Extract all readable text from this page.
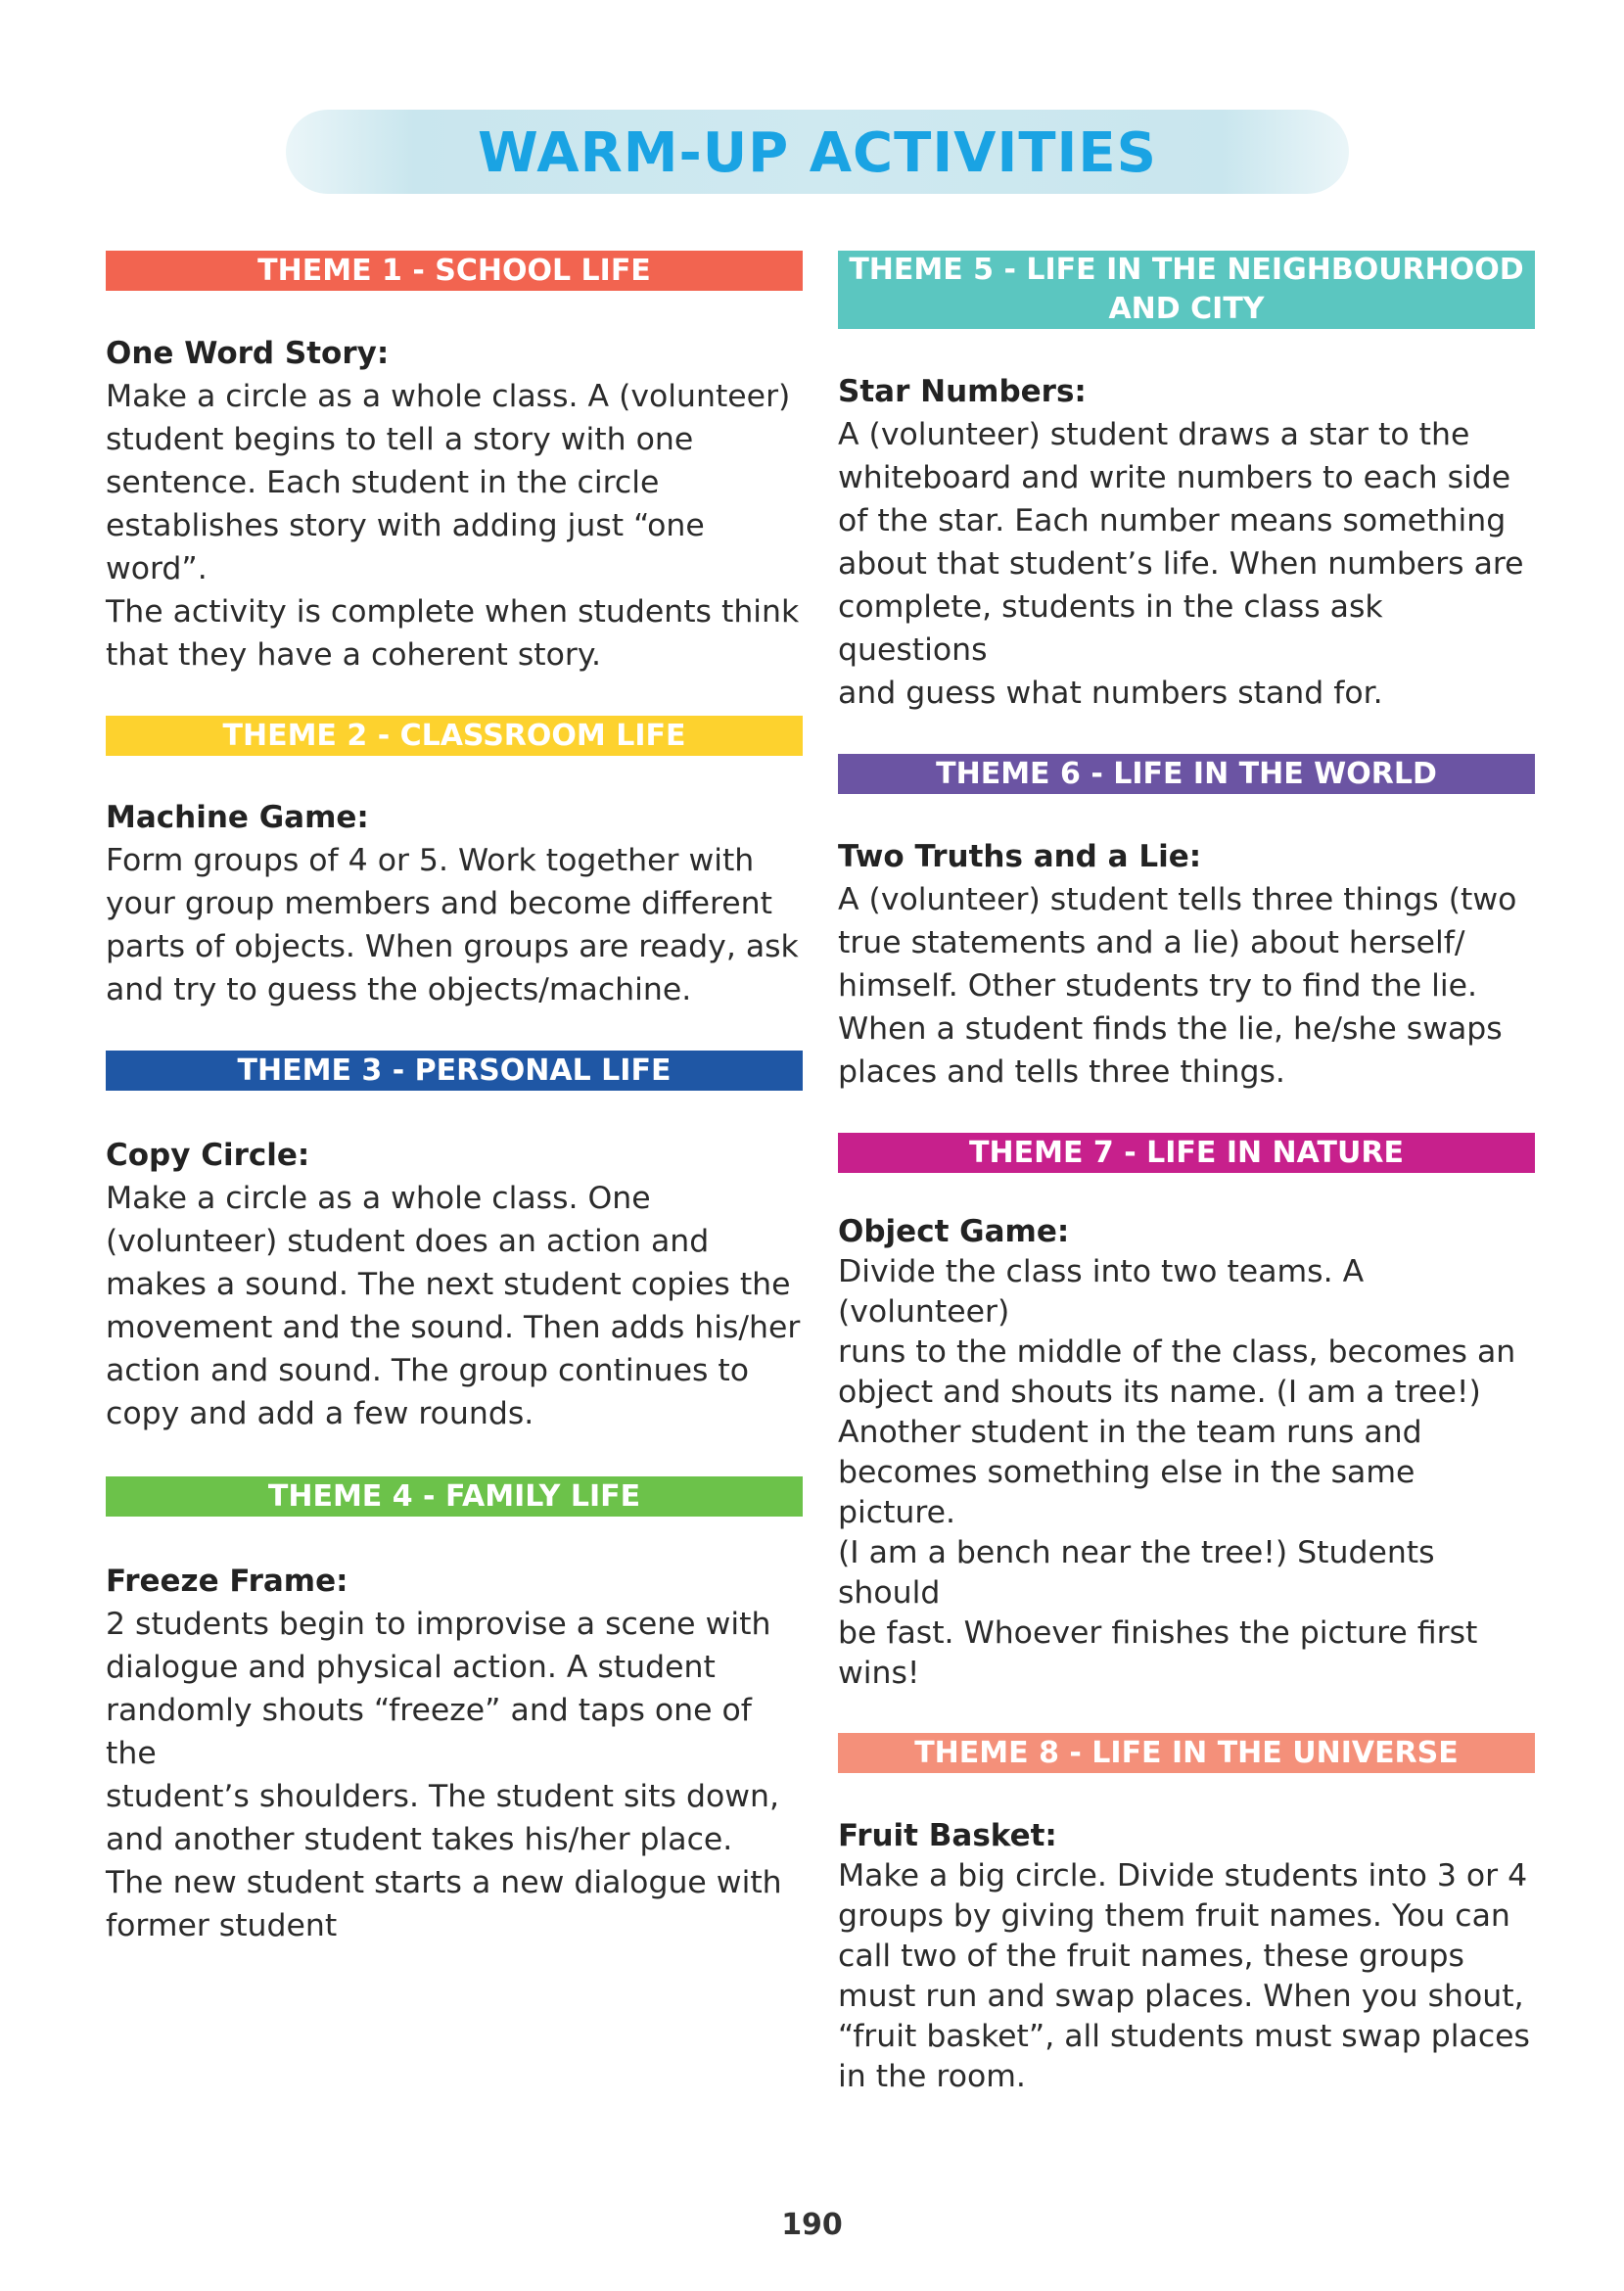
WARM-UP ACTIVITIES
THEME 1 - SCHOOL LIFE
One Word Story:
Make a circle as a whole class. A (volunteer)
student begins to tell a story with one
sentence. Each student in the circle
establishes story with adding just “one word”.
The activity is complete when students think
that they have a coherent story.
THEME 2 - CLASSROOM LIFE
Machine Game:
Form groups of 4 or 5. Work together with
your group members and become different
parts of objects. When groups are ready, ask
and try to guess the objects/machine.
THEME 3 - PERSONAL LIFE
Copy Circle:
Make a circle as a whole class. One
(volunteer) student does an action and
makes a sound. The next student copies the
movement and the sound. Then adds his/her
action and sound. The group continues to
copy and add a few rounds.
THEME 4 - FAMILY LIFE
Freeze Frame:
2 students begin to improvise a scene with
dialogue and physical action. A student
randomly shouts “freeze” and taps one of the
student’s shoulders. The student sits down,
and another student takes his/her place.
The new student starts a new dialogue with
former student
THEME 5 - LIFE IN THE NEIGHBOURHOOD
AND CITY
Star Numbers:
A (volunteer) student draws a star to the
whiteboard and write numbers to each side
of the star. Each number means something
about that student’s life. When numbers are
complete, students in the class ask questions
and guess what numbers stand for.
THEME 6 - LIFE IN THE WORLD
Two Truths and a Lie:
A (volunteer) student tells three things (two
true statements and a lie) about herself/
himself. Other students try to find the lie.
When a student finds the lie, he/she swaps
places and tells three things.
THEME 7 - LIFE IN NATURE
Object Game:
Divide the class into two teams. A (volunteer)
runs to the middle of the class, becomes an
object and shouts its name. (I am a tree!)
Another student in the team runs and
becomes something else in the same picture.
(I am a bench near the tree!) Students should
be fast. Whoever finishes the picture first
wins!
THEME 8 - LIFE IN THE UNIVERSE
Fruit Basket:
Make a big circle. Divide students into 3 or 4
groups by giving them fruit names. You can
call two of the fruit names, these groups
must run and swap places. When you shout,
“fruit basket”, all students must swap places
in the room.
190
